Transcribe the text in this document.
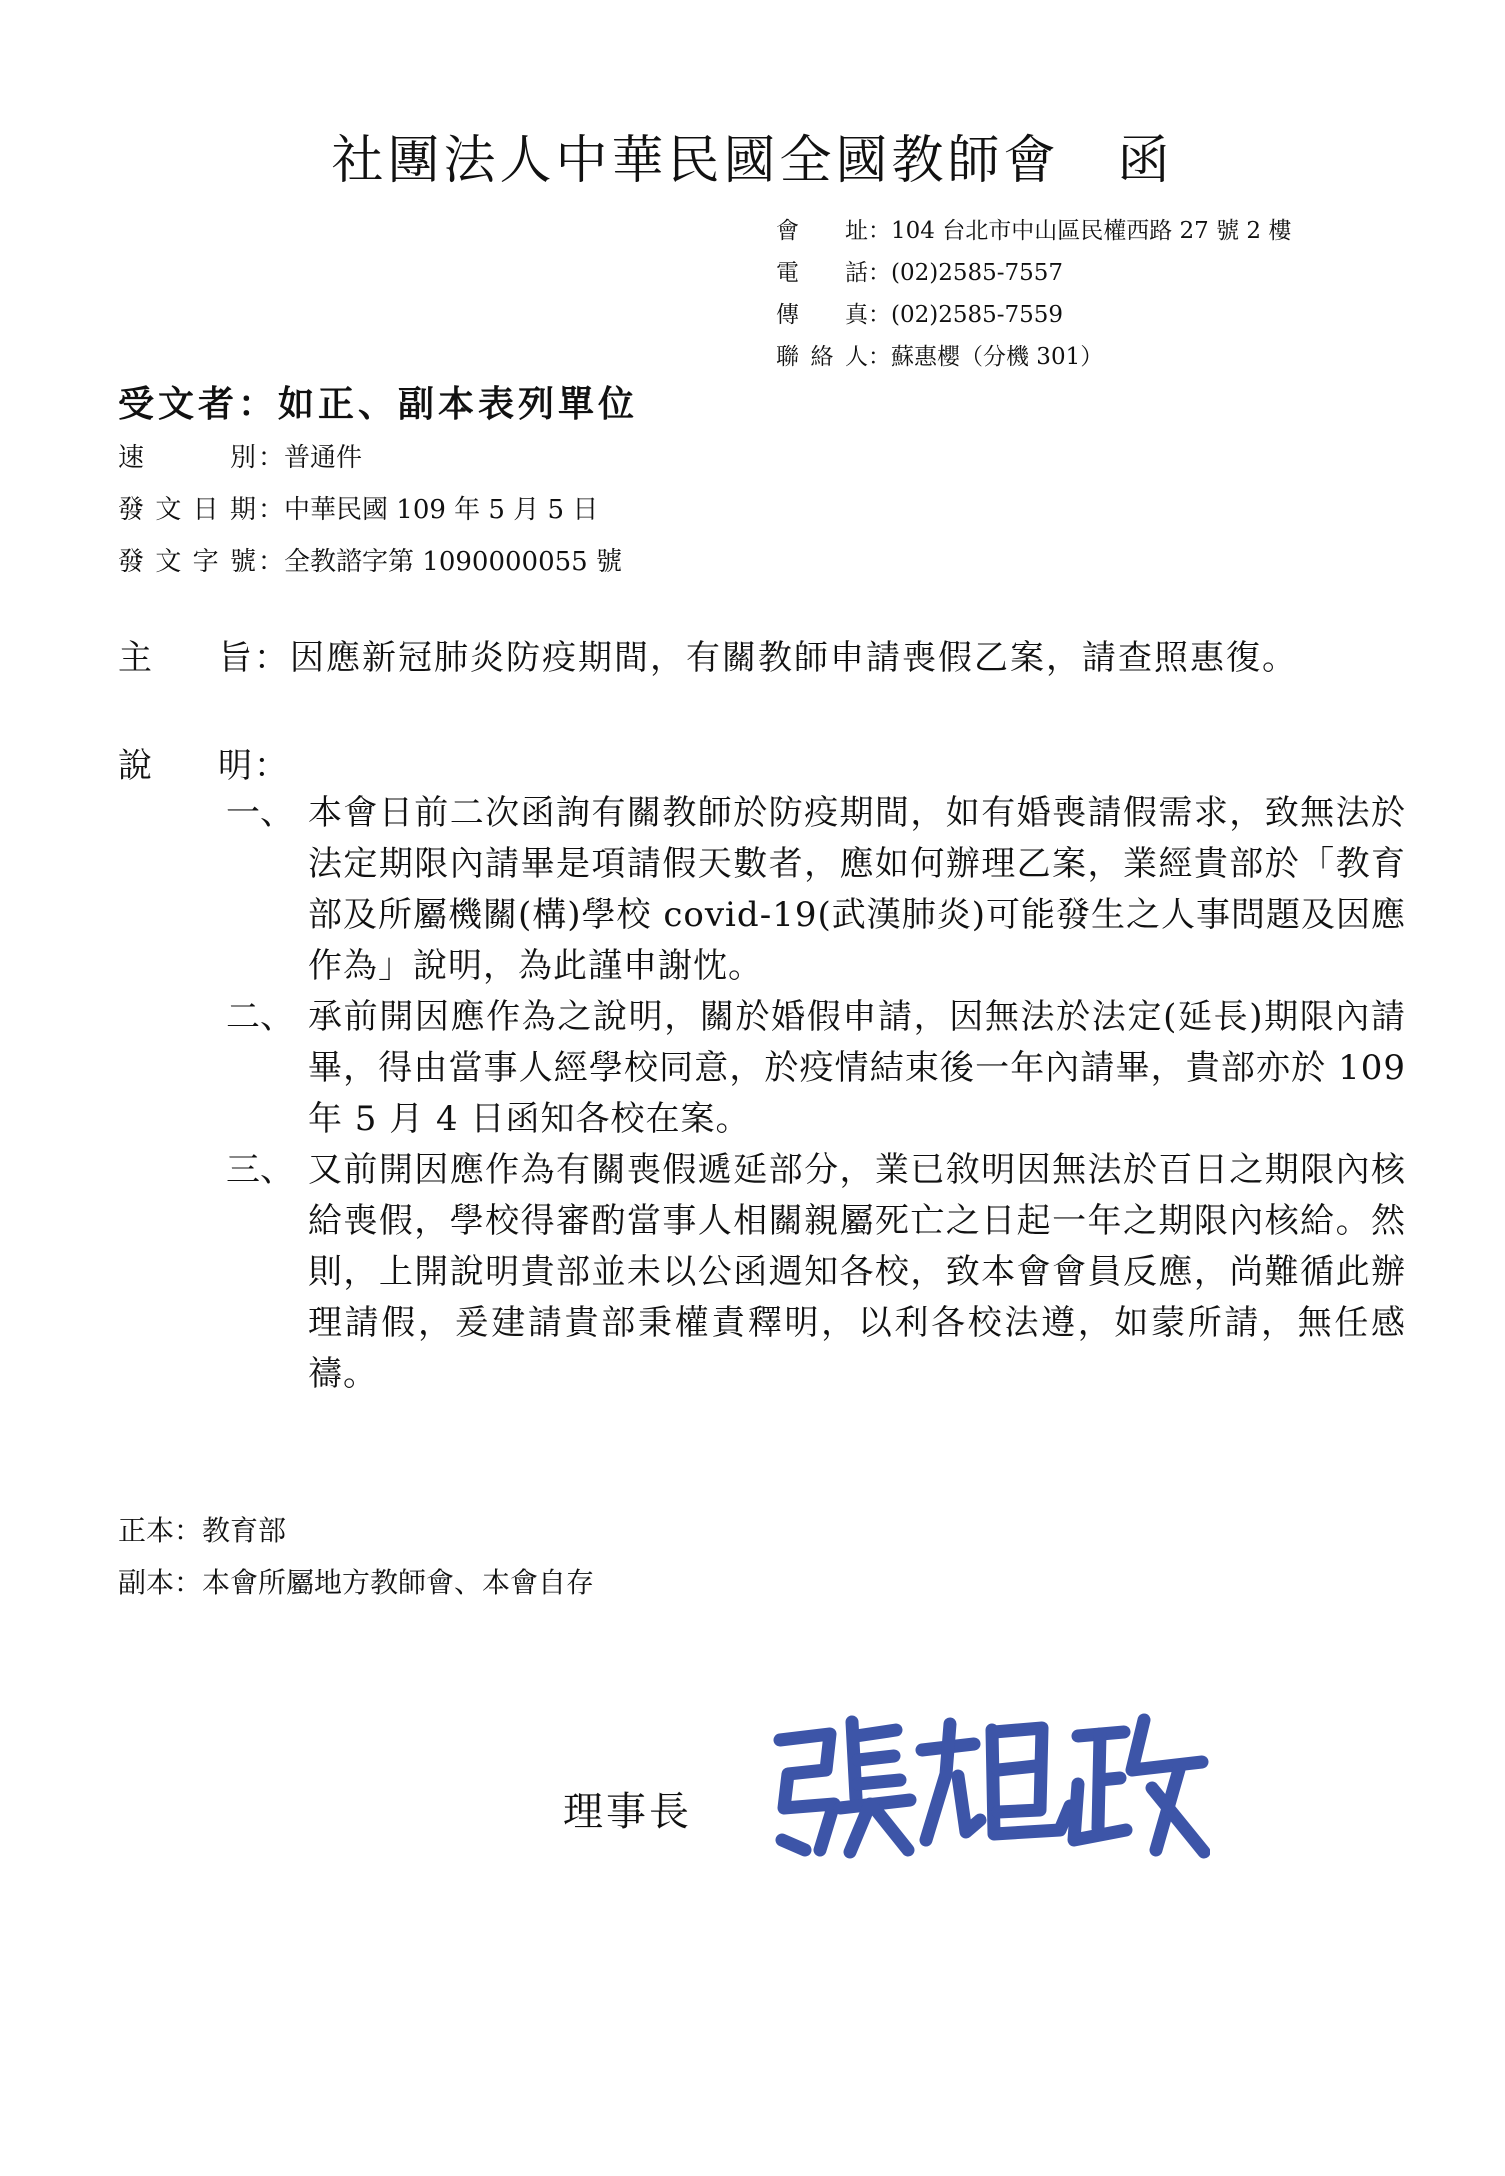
社團法人中華民國全國教師會 函
會址：104 台北市中山區民權西路 27 號 2 樓
電話：(02)2585-7557
傳真：(02)2585-7559
聯絡人：蘇惠櫻（分機 301）
受文者：如正、副本表列單位
速別：普通件
發文日期：中華民國 109 年 5 月 5 日
發文字號：全教諮字第 1090000055 號
主旨：因應新冠肺炎防疫期間，有關教師申請喪假乙案，請查照惠復。
說明：
一、 本會日前二次函詢有關教師於防疫期間，如有婚喪請假需求，致無法於法定期限內請畢是項請假天數者，應如何辦理乙案，業經貴部於「教育部及所屬機關(構)學校 covid-19(武漢肺炎)可能發生之人事問題及因應作為」說明，為此謹申謝忱。
二、 承前開因應作為之說明，關於婚假申請，因無法於法定(延長)期限內請畢，得由當事人經學校同意，於疫情結束後一年內請畢，貴部亦於 109 年 5 月 4 日函知各校在案。
三、 又前開因應作為有關喪假遞延部分，業已敘明因無法於百日之期限內核給喪假，學校得審酌當事人相關親屬死亡之日起一年之期限內核給。然則，上開說明貴部並未以公函週知各校，致本會會員反應，尚難循此辦理請假，爰建請貴部秉權責釋明，以利各校法遵，如蒙所請，無任感禱。
正本：教育部
副本：本會所屬地方教師會、本會自存
理事長
